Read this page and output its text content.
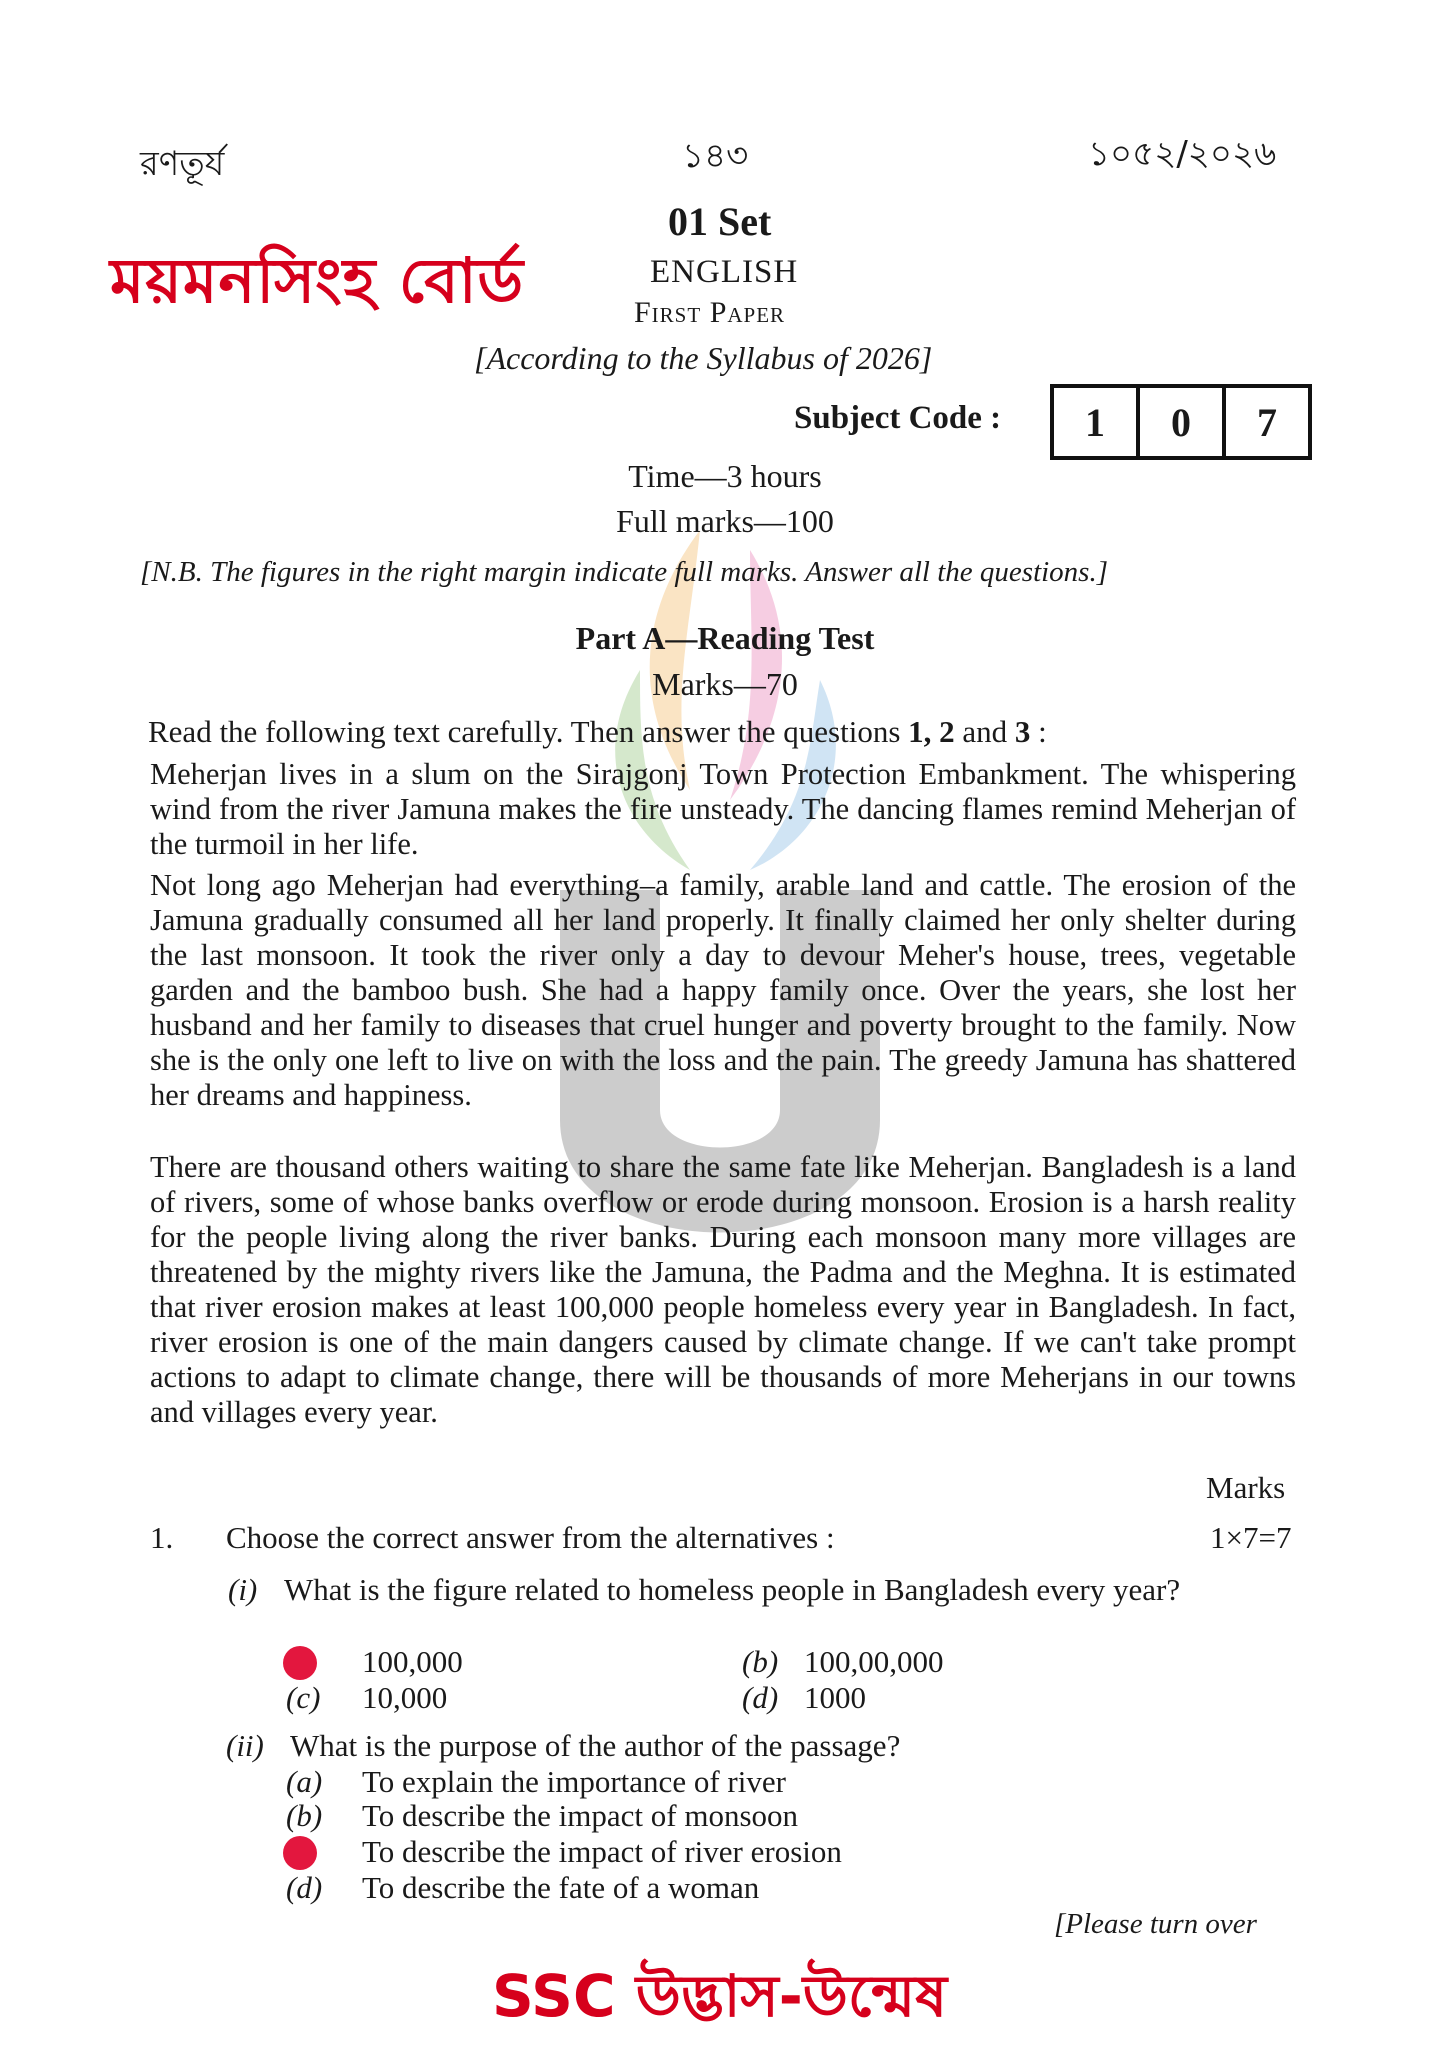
রণতূর্য	১৪৩	১০৫২/২০২৬
ময়মনসিংহ বোর্ড
01 Set
ENGLISH
First Paper
[According to the Syllabus of 2026]
Subject Code :	1	0	7
Time—3 hours
Full marks—100
[N.B. The figures in the right margin indicate full marks. Answer all the questions.]
Part A—Reading Test
Marks—70
Read the following text carefully. Then answer the questions 1, 2 and 3 :
Meherjan lives in a slum on the Sirajgonj Town Protection Embankment. The whispering wind from the river Jamuna makes the fire unsteady. The dancing flames remind Meherjan of the turmoil in her life.
Not long ago Meherjan had everything–a family, arable land and cattle. The erosion of the Jamuna gradually consumed all her land properly. It finally claimed her only shelter during the last monsoon. It took the river only a day to devour Meher's house, trees, vegetable garden and the bamboo bush. She had a happy family once. Over the years, she lost her husband and her family to diseases that cruel hunger and poverty brought to the family. Now she is the only one left to live on with the loss and the pain. The greedy Jamuna has shattered her dreams and happiness.
There are thousand others waiting to share the same fate like Meherjan. Bangladesh is a land of rivers, some of whose banks overflow or erode during monsoon. Erosion is a harsh reality for the people living along the river banks. During each monsoon many more villages are threatened by the mighty rivers like the Jamuna, the Padma and the Meghna. It is estimated that river erosion makes at least 100,000 people homeless every year in Bangladesh. In fact, river erosion is one of the main dangers caused by climate change. If we can't take prompt actions to adapt to climate change, there will be thousands of more Meherjans in our towns and villages every year.
Marks
1. Choose the correct answer from the alternatives :	1×7=7
(i) What is the figure related to homeless people in Bangladesh every year?
100,000	(b) 100,00,000
(c) 10,000	(d) 1000
(ii) What is the purpose of the author of the passage?
(a) To explain the importance of river
(b) To describe the impact of monsoon
To describe the impact of river erosion
(d) To describe the fate of a woman
[Please turn over
SSC উদ্ভাস-উন্মেষ
